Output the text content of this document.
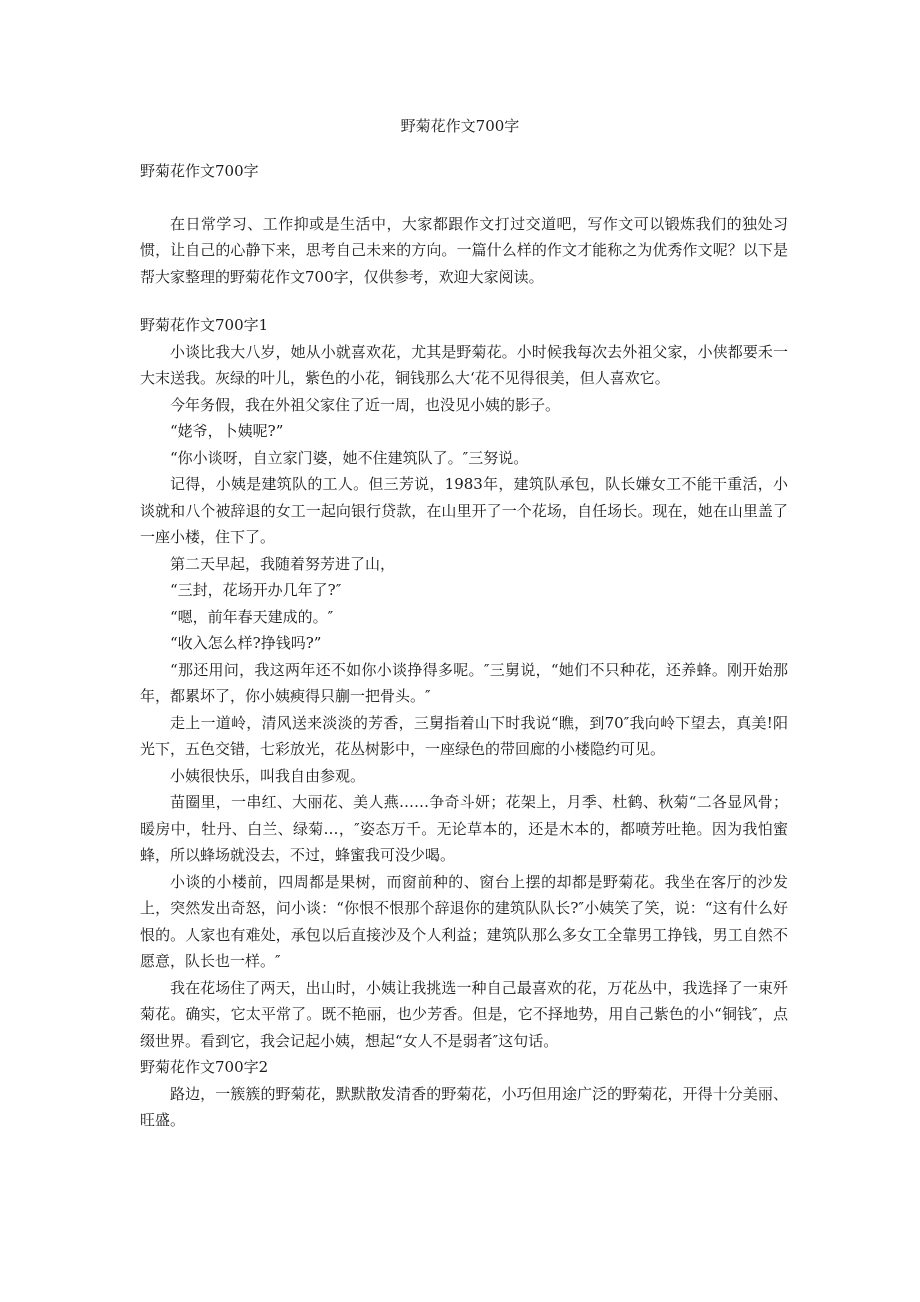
野菊花作文700字

野菊花作文700字

在日常学习、工作抑或是生活中，大家都跟作文打过交道吧，写作文可以锻炼我们的独处习惯，让自己的心静下来，思考自己未来的方向。一篇什么样的作文才能称之为优秀作文呢？以下是帮大家整理的野菊花作文700字，仅供参考，欢迎大家阅读。

野菊花作文700字1

小谈比我大八岁，她从小就喜欢花，尤其是野菊花。小时候我每次去外祖父家，小侠都要禾一大末送我。灰绿的叶儿，紫色的小花，铜钱那么大‘花不见得很美，但人喜欢它。

今年务假，我在外祖父家住了近一周，也没见小姨的影子。

“姥爷，卜姨呢?”

“你小谈呀，自立家门婆，她不住建筑队了。″三努说。

记得，小姨是建筑队的工人。但三芳说，1983年，建筑队承包，队长嫌女工不能干重活，小谈就和八个被辞退的女工一起向银行贷款，在山里开了一个花场，自任场长。现在，她在山里盖了一座小楼，住下了。

第二天早起，我随着努芳进了山，

“三封，花场开办几年了?″

“嗯，前年春天建成的。″

“收入怎么样?挣钱吗?”

“那还用问，我这两年还不如你小谈挣得多呢。″三舅说，“她们不只种花，还养蜂。刚开始那年，都累坏了，你小姨瘐得只蒯一把骨头。″

走上一道岭，清风送来淡淡的芳香，三舅指着山下时我说“瞧，到70″我向岭下望去，真美!阳光下，五色交错，七彩放光，花丛树影中，一座绿色的带回廊的小楼隐约可见。

小姨很快乐，叫我自由参观。

苗圈里，一串红、大丽花、美人燕……争奇斗妍；花架上，月季、杜鹤、秋菊“二各显风骨；暖房中，牡丹、白兰、绿菊…，″姿态万千。无论草本的，还是木本的，都喷芳吐艳。因为我怕蜜蜂，所以蜂场就没去，不过，蜂蜜我可没少喝。

小谈的小楼前，四周都是果树，而窗前种的、窗台上摆的却都是野菊花。我坐在客厅的沙发上，突然发出奇怒，问小谈：“你恨不恨那个辞退你的建筑队队长?″小姨笑了笑，说：“这有什么好恨的。人家也有难处，承包以后直接沙及个人利益；建筑队那么多女工全靠男工挣钱，男工自然不愿意，队长也一样。″

我在花场住了两天，出山时，小姨让我挑选一种自己最喜欢的花，万花丛中，我选择了一束歼菊花。确实，它太平常了。既不艳丽，也少芳香。但是，它不择地势，用自己紫色的小“铜钱″，点缀世界。看到它，我会记起小姨，想起“女人不是弱者″这句话。

野菊花作文700字2

路边，一簇簇的野菊花，默默散发清香的野菊花，小巧但用途广泛的野菊花，开得十分美丽、旺盛。
